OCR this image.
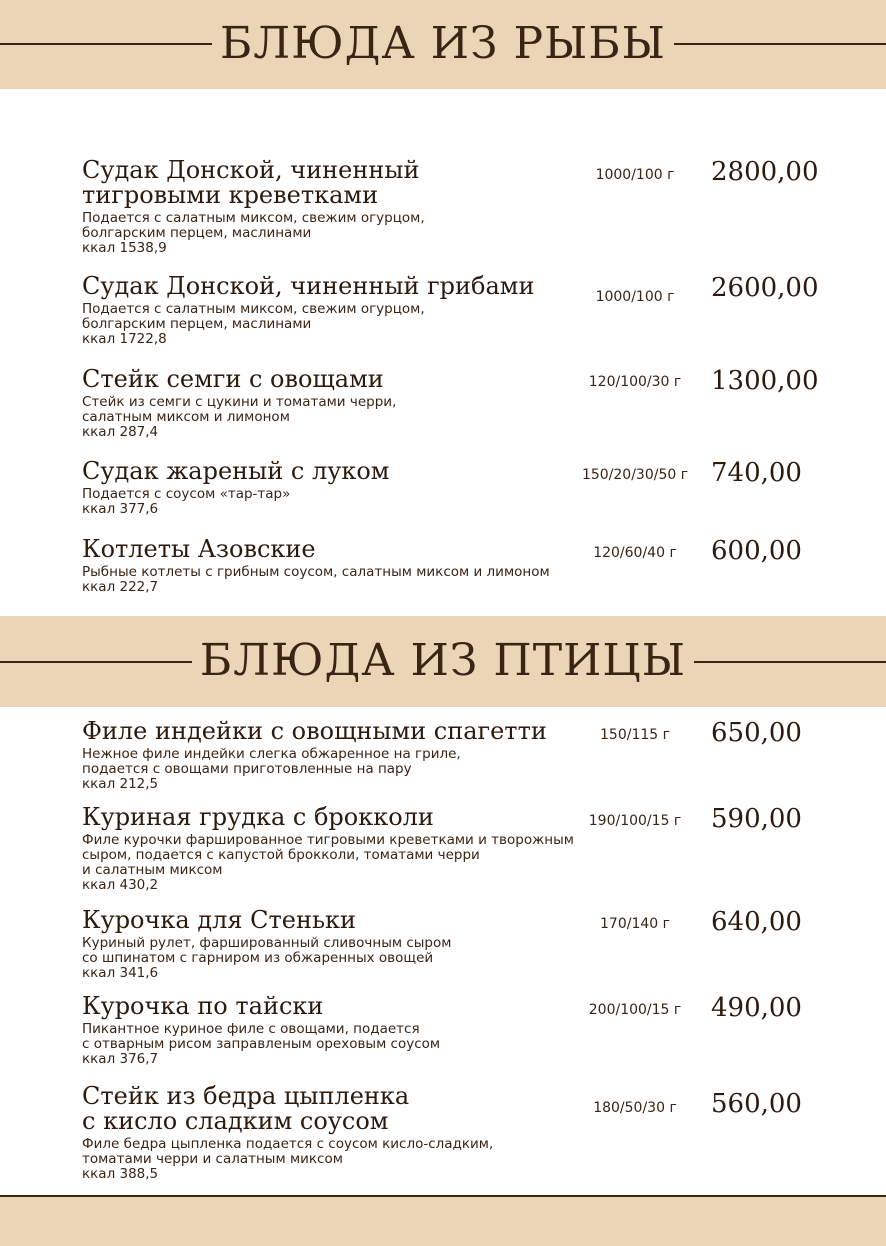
БЛЮДА ИЗ РЫБЫ
Судак Донской, чиненный
тигровыми креветками
Подается с салатным миксом, свежим огурцом,
болгарским перцем, маслинами
ккал 1538,9
1000/100 г	2800,00
Судак Донской, чиненный грибами
Подается с салатным миксом, свежим огурцом,
болгарским перцем, маслинами
ккал 1722,8
1000/100 г	2600,00
Стейк семги с овощами
Стейк из семги с цукини и томатами черри,
салатным миксом и лимоном
ккал 287,4
120/100/30 г	1300,00
Судак жареный с луком
Подается с соусом «тар-тар»
ккал 377,6
150/20/30/50 г 740,00
Котлеты Азовские
Рыбные котлеты с грибным соусом, салатным миксом и лимоном
ккал 222,7
120/60/40 г	600,00
БЛЮДА ИЗ ПТИЦЫ
Филе индейки с овощными спагетти
Нежное филе индейки слегка обжаренное на гриле,
подается с овощами приготовленные на пару
ккал 212,5
150/115 г	650,00
Куриная грудка с брокколи
Филе курочки фаршированное тигровыми креветками и творожным
сыром, подается с капустой брокколи, томатами черри
и салатным миксом
ккал 430,2
190/100/15 г	590,00
Курочка для Стеньки
Куриный рулет, фаршированный сливочным сыром
со шпинатом с гарниром из обжаренных овощей
ккал 341,6
170/140 г	640,00
Курочка по тайски
Пикантное куриное филе с овощами, подается
с отварным рисом заправленым ореховым соусом
ккал 376,7
200/100/15 г	490,00
Стейк из бедра цыпленка
с кисло сладким соусом
Филе бедра цыпленка подается с соусом кисло-сладким,
томатами черри и салатным миксом
ккал 388,5
180/50/30 г	560,00
